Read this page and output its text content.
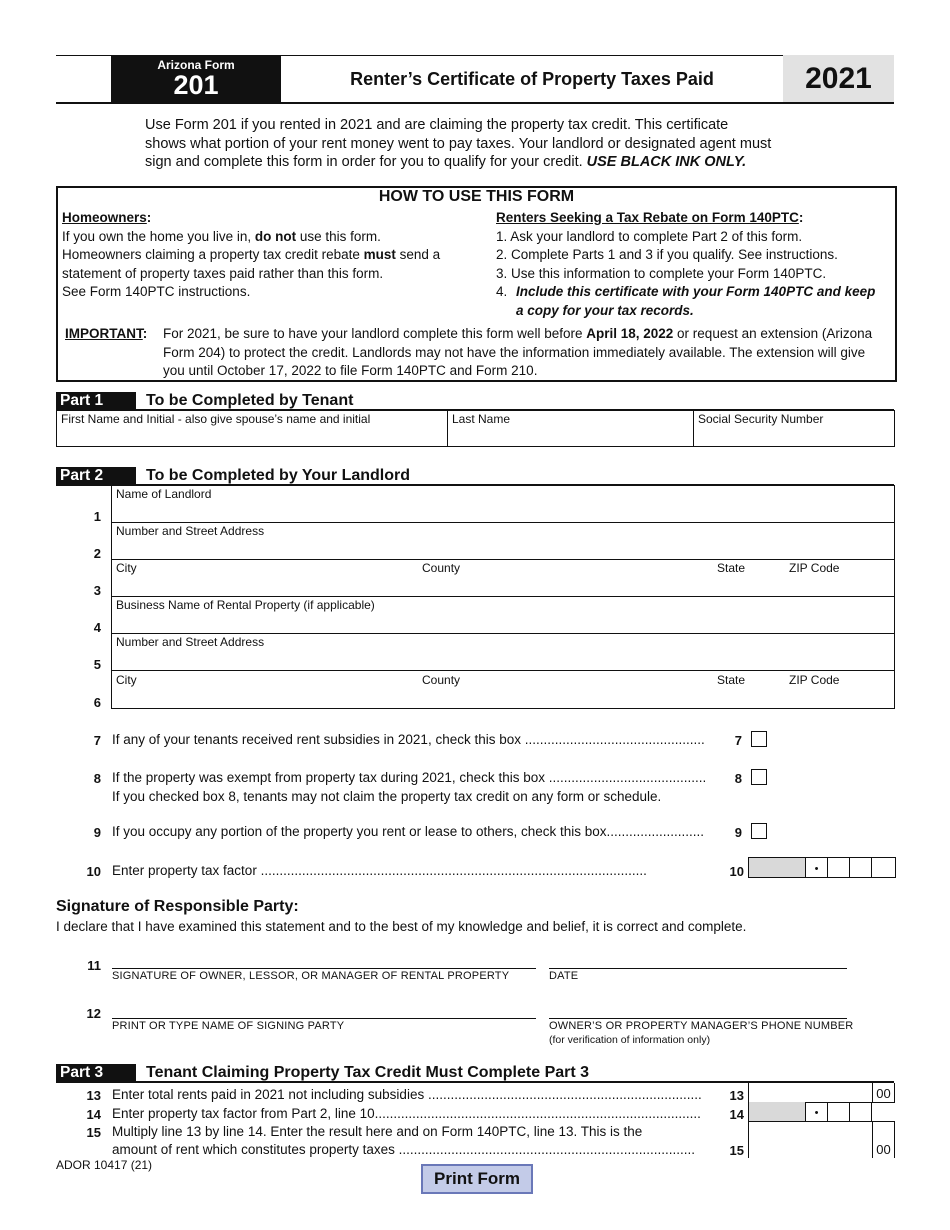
Arizona Form
201	Renter’s Certificate of Property Taxes Paid	2021
Use Form 201 if you rented in 2021 and are claiming the property tax credit. This certificate
shows what portion of your rent money went to pay taxes. Your landlord or designated agent must
sign and complete this form in order for you to qualify for your credit. USE BLACK INK ONLY.
HOW TO USE THIS FORM
Homeowners:
If you own the home you live in, do not use this form.
Homeowners claiming a property tax credit rebate must send a
statement of property taxes paid rather than this form.
See Form 140PTC instructions.
Renters Seeking a Tax Rebate on Form 140PTC:
1. Ask your landlord to complete Part 2 of this form.
2. Complete Parts 1 and 3 if you qualify. See instructions.
3. Use this information to complete your Form 140PTC.
4. Include this certificate with your Form 140PTC and keep
a copy for your tax records.
IMPORTANT: For 2021, be sure to have your landlord complete this form well before April 18, 2022 or request an extension (Arizona
Form 204) to protect the credit. Landlords may not have the information immediately available. The extension will give
you until October 17, 2022 to file Form 140PTC and Form 210.
Part 1	To be Completed by Tenant
First Name and Initial - also give spouse’s name and initial	Last Name	Social Security Number
Part 2	To be Completed by Your Landlord
Name of Landlord
1
Number and Street Address
2
City	County	State	ZIP Code
3
Business Name of Rental Property (if applicable)
4
Number and Street Address
5
City	County	State	ZIP Code
6
7 If any of your tenants received rent subsidies in 2021, check this box ................................................	7
8 If the property was exempt from property tax during 2021, check this box ..........................................	8
If you checked box 8, tenants may not claim the property tax credit on any form or schedule.
9 If you occupy any portion of the property you rent or lease to others, check this box..........................	9
10 Enter property tax factor .......................................................................................................	10	•
Signature of Responsible Party:
I declare that I have examined this statement and to the best of my knowledge and belief, it is correct and complete.
11
SIGNATURE OF OWNER, LESSOR, OR MANAGER OF RENTAL PROPERTY	DATE
12
PRINT OR TYPE NAME OF SIGNING PARTY	OWNER’S OR PROPERTY MANAGER’S PHONE NUMBER
(for verification of information only)
Part 3	Tenant Claiming Property Tax Credit Must Complete Part 3
13 Enter total rents paid in 2021 not including subsidies .........................................................................	13	00
14 Enter property tax factor from Part 2, line 10.......................................................................................	14	•
15 Multiply line 13 by line 14. Enter the result here and on Form 140PTC, line 13. This is the
amount of rent which constitutes property taxes ...............................................................................	15	00
ADOR 10417 (21)
Print Form
